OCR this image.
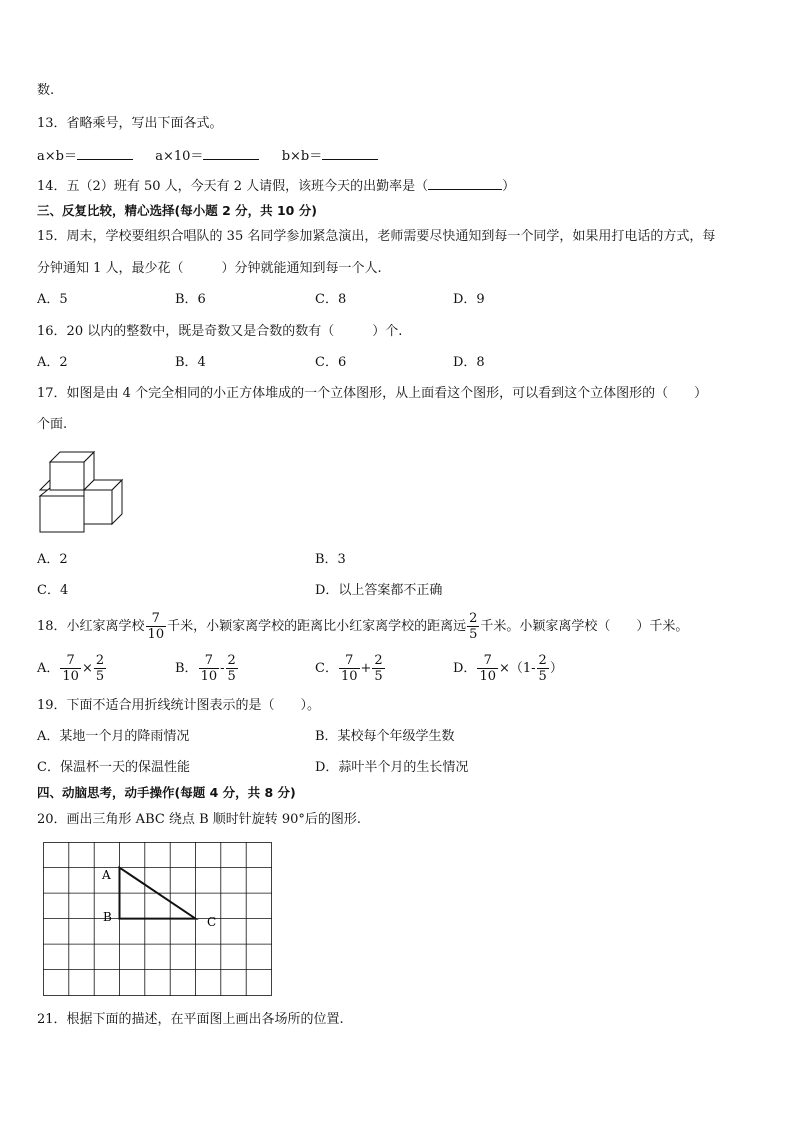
数.
13．省略乘号，写出下面各式。
a×b＝	a×10＝	b×b＝
14．五（2）班有 50 人，今天有 2 人请假，该班今天的出勤率是（	）
三、反复比较，精心选择(每小题 2 分，共 10 分)
15．周末，学校要组织合唱队的 35 名同学参加紧急演出，老师需要尽快通知到每一个同学，如果用打电话的方式，每
分钟通知 1 人，最少花（	）分钟就能通知到每一个人.
A．5	B．6	C．8	D．9
16．20 以内的整数中，既是奇数又是合数的数有（	）个.
A．2	B．4	C．6	D．8
17．如图是由 4 个完全相同的小正方体堆成的一个立体图形，从上面看这个图形，可以看到这个立体图形的（　　）
个面.
A．2	B．3
C．4	D．以上答案都不正确
18．小红家离学校 $\frac{7}{10}$ 千米，小颖家离学校的距离比小红家离学校的距离远 $\frac{2}{5}$ 千米。小颖家离学校（　　）千米。
A． $\frac{7}{10} \times \frac{2}{5}$	B． $\frac{7}{10} - \frac{2}{5}$	C． $\frac{7}{10} + \frac{2}{5}$	D． $\frac{7}{10} \times(1- \frac{2}{5}$ ）
19．下面不适合用折线统计图表示的是（　　）。
A．某地一个月的降雨情况	B．某校每个年级学生数
C．保温杯一天的保温性能	D．蒜叶半个月的生长情况
四、动脑思考，动手操作(每题 4 分，共 8 分)
20．画出三角形 ABC 绕点 B 顺时针旋转 90°后的图形.
A
B	C
21．根据下面的描述，在平面图上画出各场所的位置.
